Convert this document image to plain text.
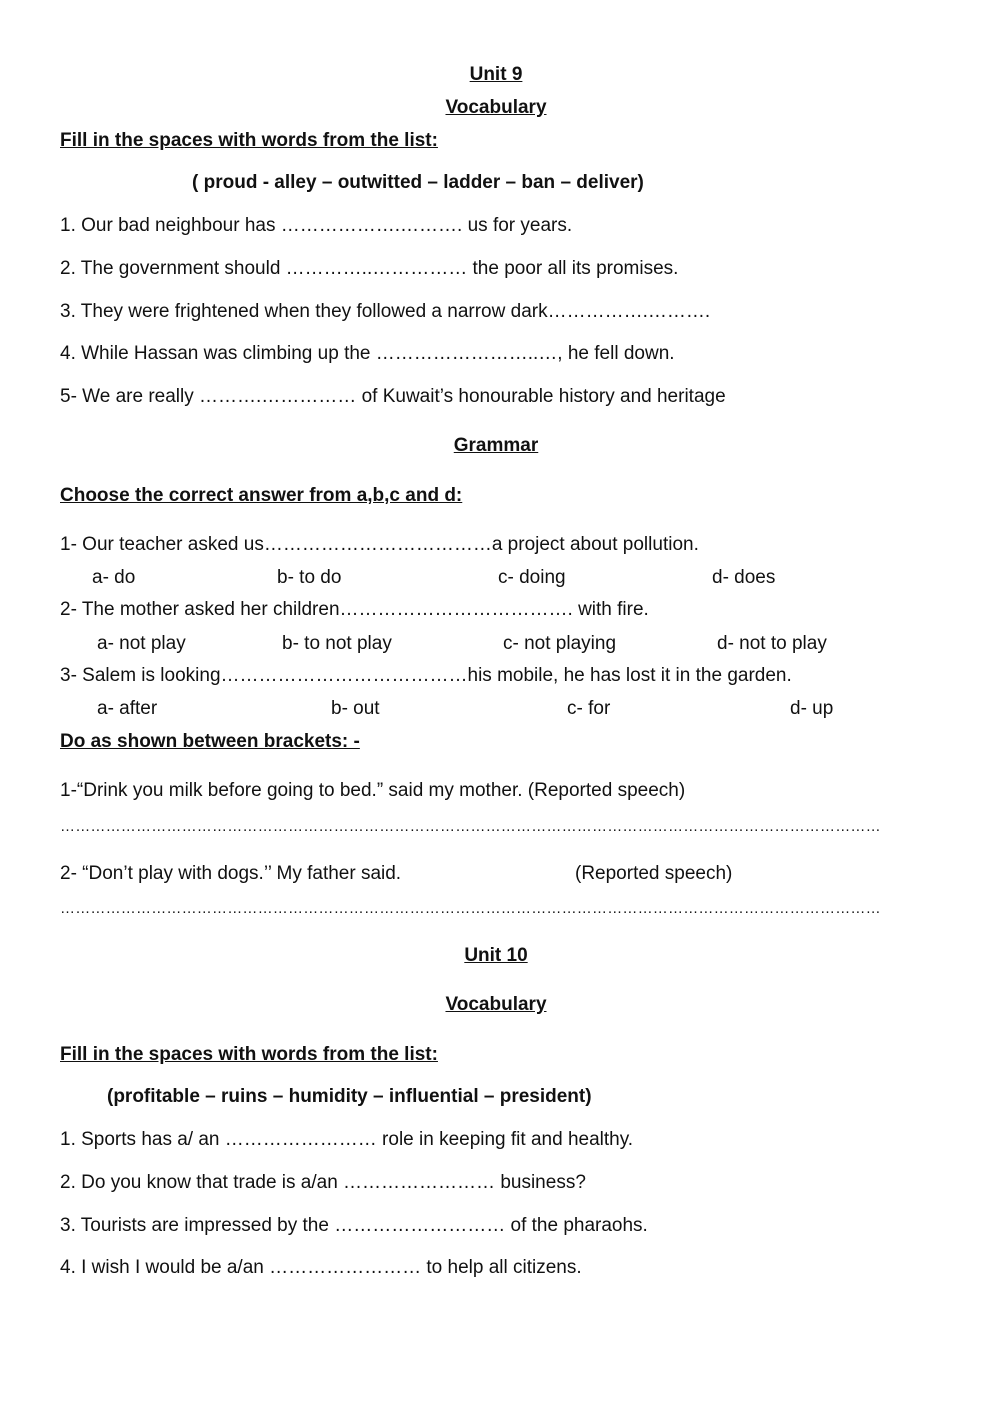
Unit 9
Vocabulary
Fill in the spaces with words from the list:
( proud - alley – outwitted – ladder – ban – deliver)
1. Our bad neighbour has ……………….………. us for years.
2. The government should …………..…………… the poor all its promises.
3. They were frightened when they followed a narrow dark…………….……….
4. While Hassan was climbing up the ……………………..…, he fell down.
5- We are really ……….…………… of Kuwait’s honourable history and heritage
Grammar
Choose the correct answer from a,b,c and d:
1- Our teacher asked us………………………………a project about pollution.
a- do	b- to do	c- doing	d- does
2- The mother asked her children………………………………. with fire.
a- not play	b- to not play	c- not playing	d- not to play
3- Salem is looking…………………………………his mobile, he has lost it in the garden.
a- after	b- out	c- for	d- up
Do as shown between brackets: -
1-“Drink you milk before going to bed.” said my mother. (Reported speech)
………………………………………………………………………………………………………………………………………………
2- “Don’t play with dogs.’’ My father said.	(Reported speech)
………………………………………………………………………………………………………………………………………………
Unit 10
Vocabulary
Fill in the spaces with words from the list:
(profitable – ruins – humidity – influential – president)
1. Sports has a/ an …………………… role in keeping fit and healthy.
2. Do you know that trade is a/an …………………… business?
3. Tourists are impressed by the ……………………… of the pharaohs.
4. I wish I would be a/an …………………… to help all citizens.
